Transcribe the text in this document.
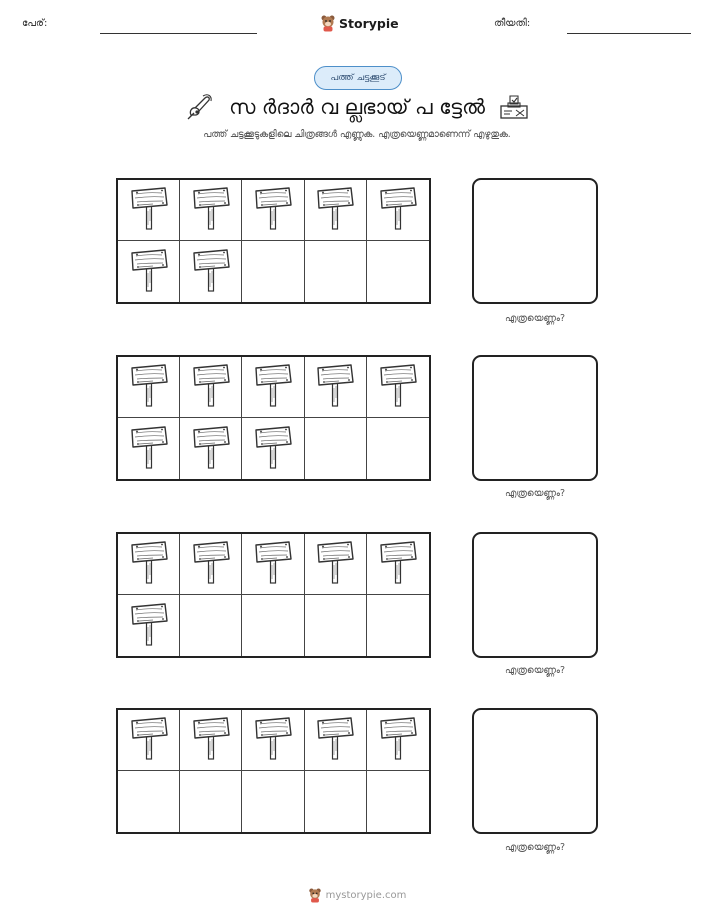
പേര്:	Storypie	തീയതി:
പത്ത് ചട്ടക്കൂട്
സ ർദാർ വ ല്ലഭായ് പ ട്ടേൽ
പത്ത് ചട്ടക്കൂടുകളിലെ ചിത്രങ്ങൾ എണ്ണുക. എത്രയെണ്ണമാണെന്ന് എഴുതുക.
എത്രയെണ്ണം?
എത്രയെണ്ണം?
എത്രയെണ്ണം?
എത്രയെണ്ണം?
mystorypie.com
